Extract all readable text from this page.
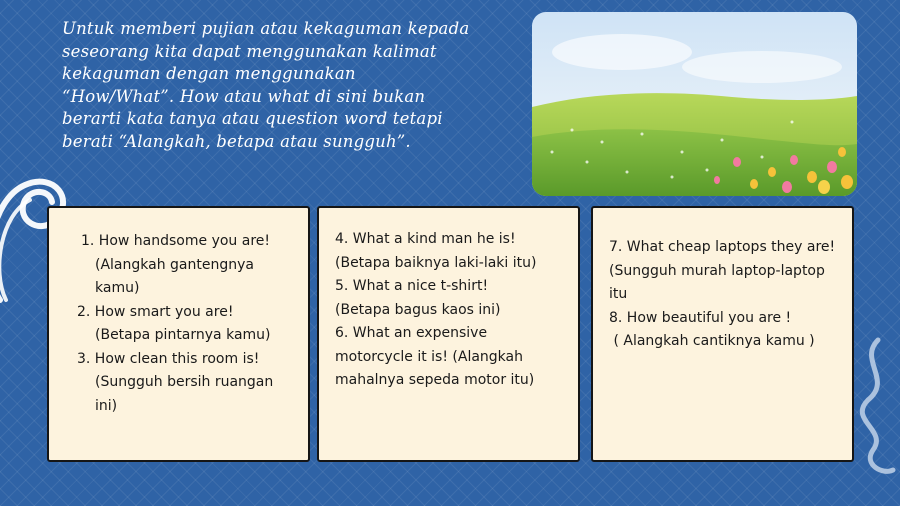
Untuk memberi pujian atau kekaguman kepada
seseorang kita dapat menggunakan kalimat
kekaguman dengan menggunakan
“How/What”. How atau what di sini bukan
berarti kata tanya atau question word tetapi
berati “Alangkah, betapa atau sungguh”.
1. How handsome you are!
(Alangkah gantengnya
kamu)
2. How smart you are!
(Betapa pintarnya kamu)
3. How clean this room is!
(Sungguh bersih ruangan
ini)
4. What a kind man he is!
(Betapa baiknya laki-laki itu)
5. What a nice t-shirt!
(Betapa bagus kaos ini)
6. What an expensive
motorcycle it is! (Alangkah
mahalnya sepeda motor itu)
7. What cheap laptops they are!
(Sungguh murah laptop-laptop
itu
8. How beautiful you are !
( Alangkah cantiknya kamu )
